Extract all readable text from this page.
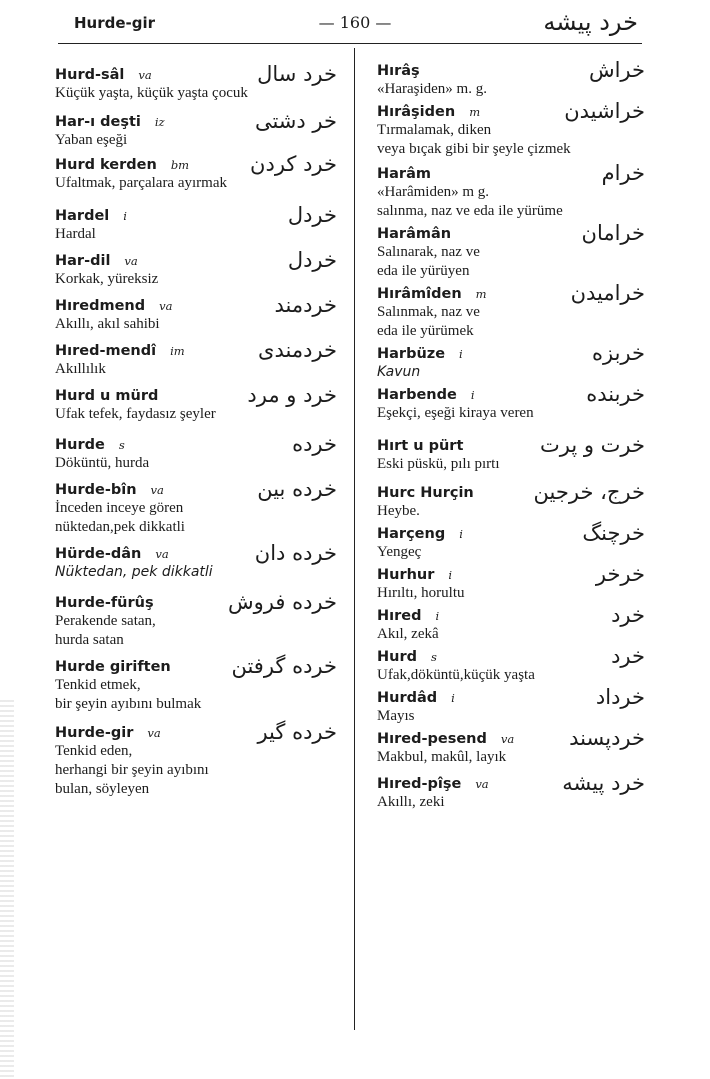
Hurde-gir	— 160 —	خرد پیشه
Hurd-sâl va	خرد سال
Küçük yaşta, küçük yaşta çocuk
Har-ı deşti iz	خر دشتی
Yaban eşeği
Hurd kerden bm	خرد کردن
Ufaltmak, parçalara ayırmak
Hardel i	خردل
Hardal
Har-dil va	خردل
Korkak, yüreksiz
Hıredmend va	خردمند
Akıllı, akıl sahibi
Hıred-mendî im	خردمندی
Akıllılık
Hurd u mürd	خرد و مرد
Ufak tefek, faydasız şeyler
Hurde s	خرده
Döküntü, hurda
Hurde-bîn va	خرده بین
İnceden inceye gören
nüktedan,pek dikkatli
Hürde-dân va	خرده دان
Nüktedan, pek dikkatli
Hurde-fürûş	خرده فروش
Perakende satan,
hurda satan
Hurde giriften	خرده گرفتن
Tenkid etmek,
bir şeyin ayıbını bulmak
Hurde-gir va	خرده گیر
Tenkid eden,
herhangi bir şeyin ayıbını
bulan, söyleyen
Hırâş	خراش
«Haraşiden» m. g.
Hırâşiden m	خراشیدن
Tırmalamak, diken
veya bıçak gibi bir şeyle çizmek
Harâm	خرام
«Harâmiden» m g.
salınma, naz ve eda ile yürüme
Harâmân	خرامان
Salınarak, naz ve
eda ile yürüyen
Hırâmîden m	خرامیدن
Salınmak, naz ve
eda ile yürümek
Harbüze i	خربزه
Kavun
Harbende i	خربنده
Eşekçi, eşeği kiraya veren
Hırt u pürt	خرت و پرت
Eski püskü, pılı pırtı
Hurc Hurçin	خرج، خرجین
Heybe.
Harçeng i	خرچنگ
Yengeç
Hurhur i	خرخر
Hırıltı, horultu
Hıred i	خرد
Akıl, zekâ
Hurd s	خرد
Ufak,döküntü,küçük yaşta
Hurdâd i	خرداد
Mayıs
Hıred-pesend va	خردپسند
Makbul, makûl, layık
Hıred-pîşe va	خرد پیشه
Akıllı, zeki
